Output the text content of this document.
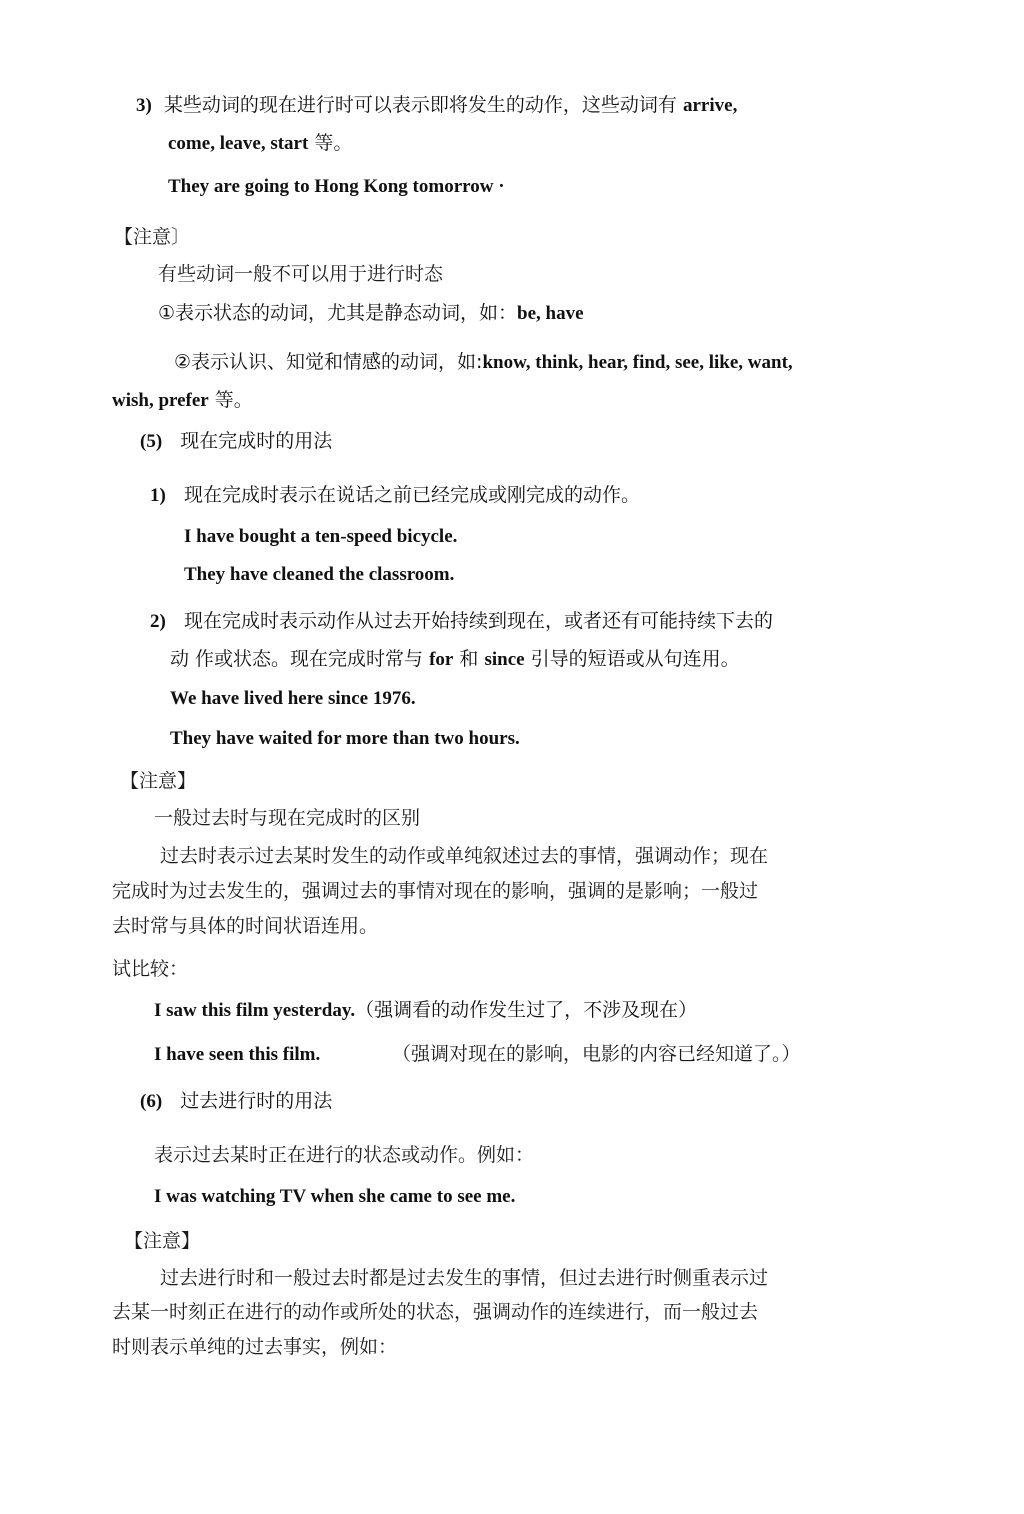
3) 某些动词的现在进行时可以表示即将发生的动作，这些动词有 arrive,
come, leave, start 等。
They are going to Hong Kong tomorrow ·
【注意〕
有些动词一般不可以用于进行时态
①表示状态的动词，尤其是静态动词，如：be, have
②表示认识、知觉和情感的动词，如:know, think, hear, find, see, like, want,
wish, prefer 等。
(5) 现在完成时的用法
1) 现在完成时表示在说话之前已经完成或刚完成的动作。
I have bought a ten-speed bicycle.
They have cleaned the classroom.
2) 现在完成时表示动作从过去开始持续到现在，或者还有可能持续下去的
动 作或状态。现在完成时常与 for 和 since 引导的短语或从句连用。
We have lived here since 1976.
They have waited for more than two hours.
【注意】
一般过去时与现在完成时的区别
过去时表示过去某时发生的动作或单纯叙述过去的事情，强调动作；现在
完成时为过去发生的，强调过去的事情对现在的影响，强调的是影响；一般过
去时常与具体的时间状语连用。
试比较：
I saw this film yesterday.（强调看的动作发生过了，不涉及现在）
I have seen this film.	（强调对现在的影响，电影的内容已经知道了。）
(6) 过去进行时的用法
表示过去某时正在进行的状态或动作。例如：
I was watching TV when she came to see me.
【注意】
过去进行时和一般过去时都是过去发生的事情，但过去进行时侧重表示过
去某一时刻正在进行的动作或所处的状态，强调动作的连续进行，而一般过去
时则表示单纯的过去事实，例如：
